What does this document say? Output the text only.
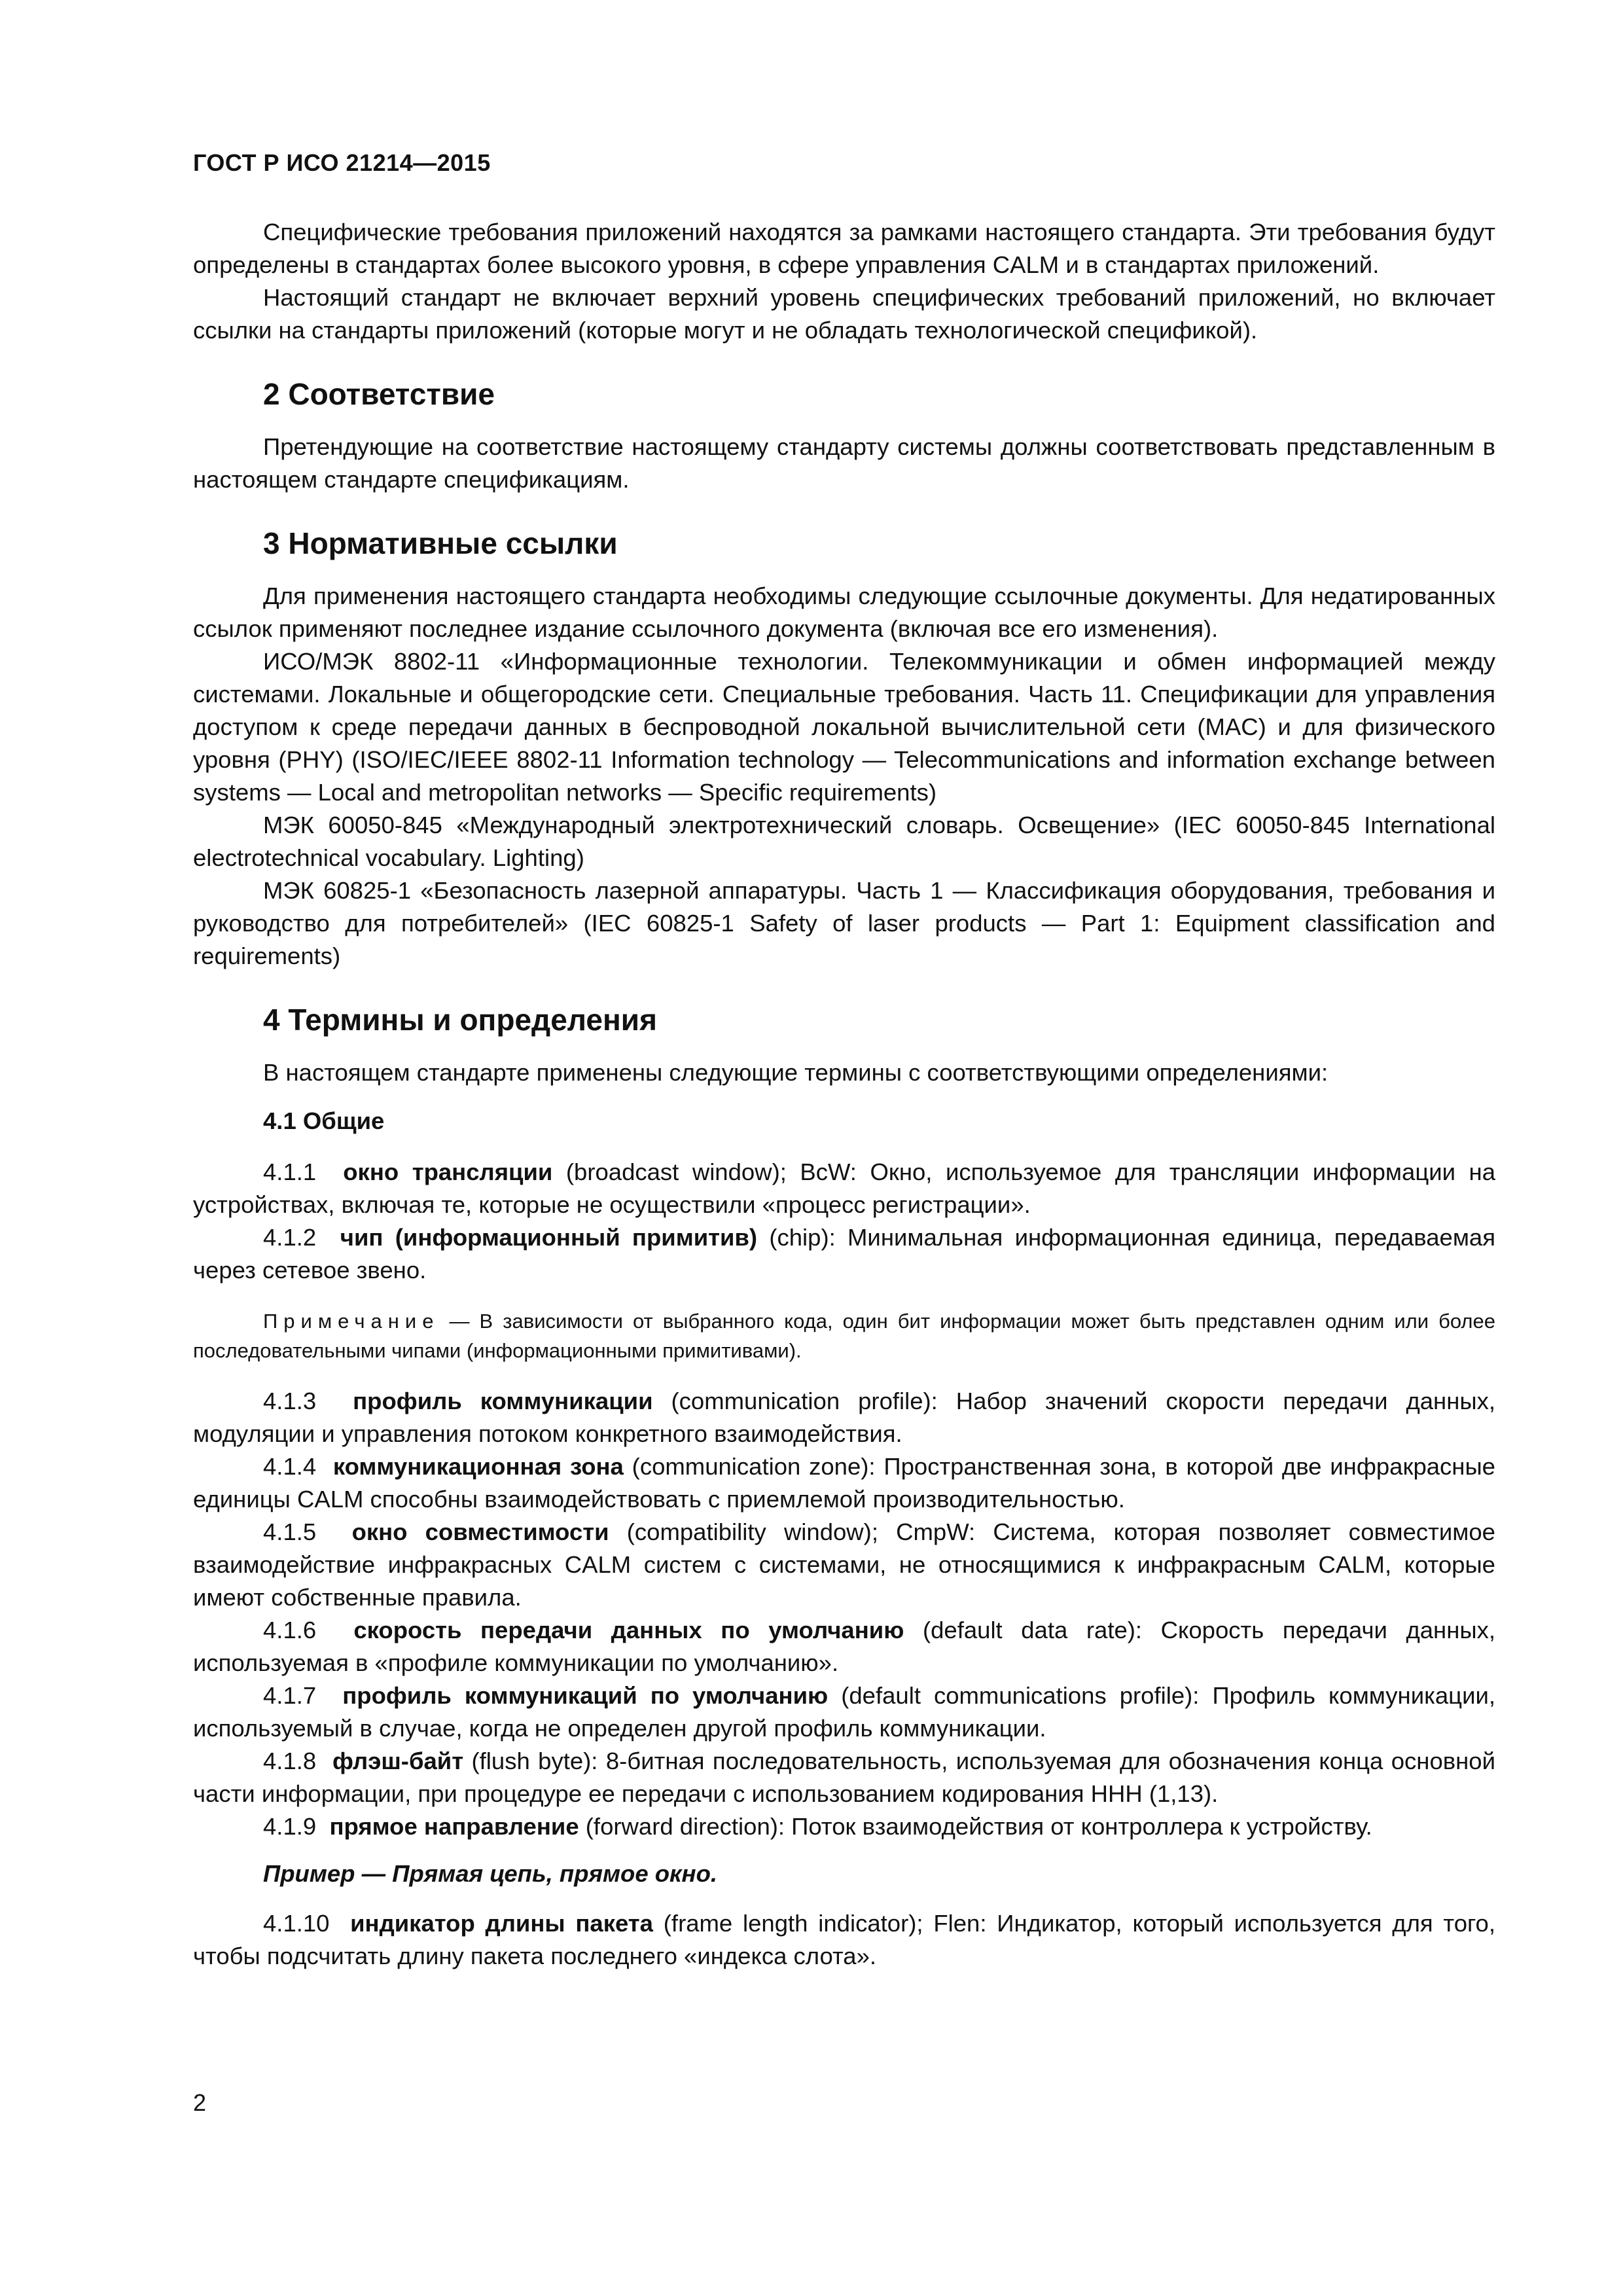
ГОСТ Р ИСО 21214—2015

Специфические требования приложений находятся за рамками настоящего стандарта. Эти требования будут определены в стандартах более высокого уровня, в сфере управления CALM и в стандартах приложений.

Настоящий стандарт не включает верхний уровень специфических требований приложений, но включает ссылки на стандарты приложений (которые могут и не обладать технологической спецификой).

2 Соответствие

Претендующие на соответствие настоящему стандарту системы должны соответствовать представленным в настоящем стандарте спецификациям.

3 Нормативные ссылки

Для применения настоящего стандарта необходимы следующие ссылочные документы. Для недатированных ссылок применяют последнее издание ссылочного документа (включая все его изменения).

ИСО/МЭК 8802-11 «Информационные технологии. Телекоммуникации и обмен информацией между системами. Локальные и общегородские сети. Специальные требования. Часть 11. Спецификации для управления доступом к среде передачи данных в беспроводной локальной вычислительной сети (MAC) и для физического уровня (PHY) (ISO/IEC/IEEE 8802-11 Information technology — Telecommunications and information exchange between systems — Local and metropolitan networks — Specific requirements)

МЭК 60050-845 «Международный электротехнический словарь. Освещение» (IEC 60050-845 International electrotechnical vocabulary. Lighting)

МЭК 60825-1 «Безопасность лазерной аппаратуры. Часть 1 — Классификация оборудования, требования и руководство для потребителей» (IEC 60825-1 Safety of laser products — Part 1: Equipment classification and requirements)

4 Термины и определения

В настоящем стандарте применены следующие термины с соответствующими определениями:

4.1 Общие

4.1.1 окно трансляции (broadcast window); BcW: Окно, используемое для трансляции информации на устройствах, включая те, которые не осуществили «процесс регистрации».

4.1.2 чип (информационный примитив) (chip): Минимальная информационная единица, передаваемая через сетевое звено.

Примечание — В зависимости от выбранного кода, один бит информации может быть представлен одним или более последовательными чипами (информационными примитивами).

4.1.3 профиль коммуникации (communication profile): Набор значений скорости передачи данных, модуляции и управления потоком конкретного взаимодействия.

4.1.4 коммуникационная зона (communication zone): Пространственная зона, в которой две инфракрасные единицы CALM способны взаимодействовать с приемлемой производительностью.

4.1.5 окно совместимости (compatibility window); CmpW: Система, которая позволяет совместимое взаимодействие инфракрасных CALM систем с системами, не относящимися к инфракрасным CALM, которые имеют собственные правила.

4.1.6 скорость передачи данных по умолчанию (default data rate): Скорость передачи данных, используемая в «профиле коммуникации по умолчанию».

4.1.7 профиль коммуникаций по умолчанию (default communications profile): Профиль коммуникации, используемый в случае, когда не определен другой профиль коммуникации.

4.1.8 флэш-байт (flush byte): 8-битная последовательность, используемая для обозначения конца основной части информации, при процедуре ее передачи с использованием кодирования HHH (1,13).

4.1.9 прямое направление (forward direction): Поток взаимодействия от контроллера к устройству.

Пример — Прямая цепь, прямое окно.

4.1.10 индикатор длины пакета (frame length indicator); Flen: Индикатор, который используется для того, чтобы подсчитать длину пакета последнего «индекса слота».

2
